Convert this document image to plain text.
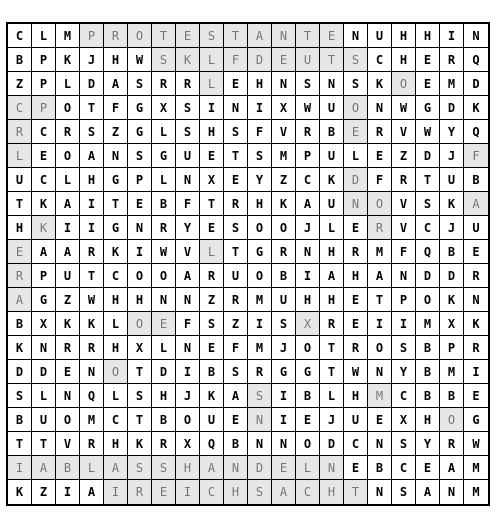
C	L	M	P	R	O	T	E	S	T	A	N	T	E	N	U	H	H	I	N
B	P	K	J	H	W	S	K	L	F	D	E	U	T	S	C	H	E	R	Q
Z	P	L	D	A	S	R	R	L	E	H	N	S	N	S	K	O	E	M	D
C	P	O	T	F	G	X	S	I	N	I	X	W	U	O	N	W	G	D	K
R	C	R	S	Z	G	L	S	H	S	F	V	R	B	E	R	V	W	Y	Q
L	E	O	A	N	S	G	U	E	T	S	M	P	U	L	E	Z	D	J	F
U	C	L	H	G	P	L	N	X	E	Y	Z	C	K	D	F	R	T	U	B
T	K	A	I	T	E	B	F	T	R	H	K	A	U	N	O	V	S	K	A
H	K	I	I	G	N	R	Y	E	S	O	O	J	L	E	R	V	C	J	U
E	A	A	R	K	I	W	V	L	T	G	R	N	H	R	M	F	Q	B	E
R	P	U	T	C	O	O	A	R	U	O	B	I	A	H	A	N	D	D	R
A	G	Z	W	H	H	N	N	Z	R	M	U	H	H	E	T	P	O	K	N
B	X	K	K	L	O	E	F	S	Z	I	S	X	R	E	I	I	M	X	K
K	N	R	R	H	X	L	N	E	F	M	J	O	T	R	O	S	B	P	R
D	D	E	N	O	T	D	I	B	S	R	G	G	T	W	N	Y	B	M	I
S	L	N	Q	L	S	H	J	K	A	S	I	B	L	H	M	C	B	B	E
B	U	O	M	C	T	B	O	U	E	N	I	E	J	U	E	X	H	O	G
T	T	V	R	H	K	R	X	Q	B	N	N	O	D	C	N	S	Y	R	W
I	A	B	L	A	S	S	H	A	N	D	E	L	N	E	B	C	E	A	M
K	Z	I	A	I	R	E	I	C	H	S	A	C	H	T	N	S	A	N	M
